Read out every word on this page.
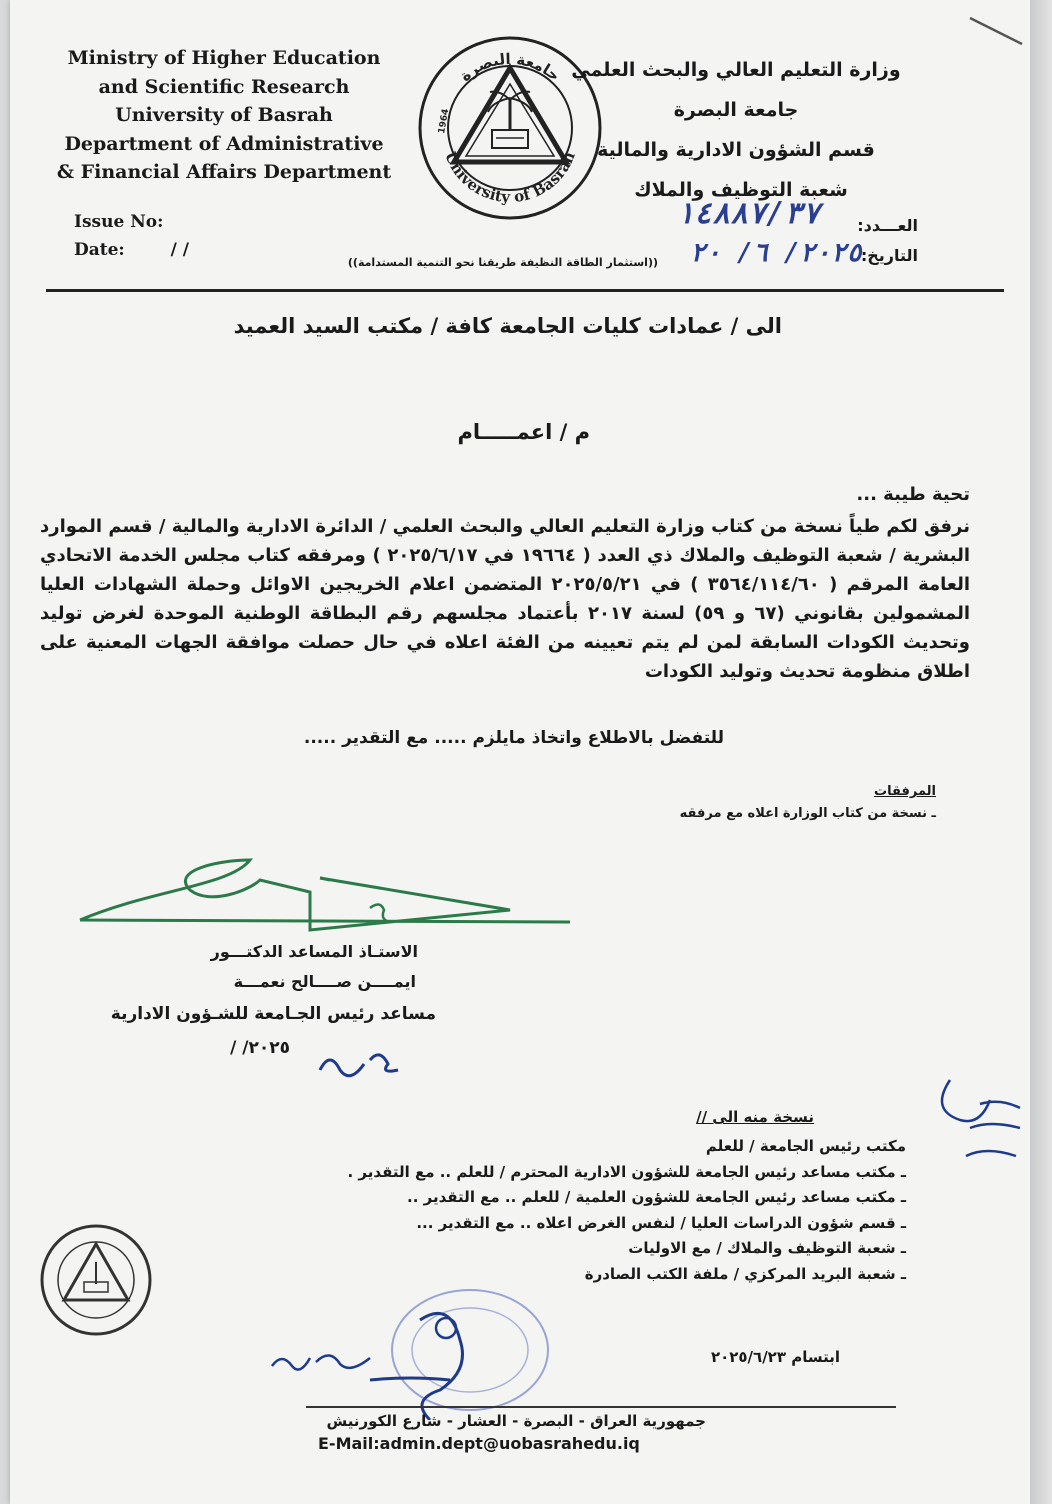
Ministry of Higher Education
and Scientific Research
University of Basrah
Department of Administrative
& Financial Affairs Department
Issue No:
Date:	/ /
جامعة البصرة
University of Basrah
1964
وزارة التعليم العالي والبحث العلمي
جامعة البصرة
قسم الشؤون الادارية والمالية
شعبة التوظيف والملاك
العـــدد:
التاريخ:
١٤٨٨٧/٣٧
٢٠٢٥/ ٦/ ٢٠
((استثمار الطاقة النظيفة طريقنا نحو التنمية المستدامة))
الى / عمادات كليات الجامعة كافة / مكتب السيد العميد
م / اعمـــــام
تحية طيبة ...
نرفق لكم طياً نسخة من كتاب وزارة التعليم العالي والبحث العلمي / الدائرة الادارية والمالية / قسم الموارد البشرية / شعبة التوظيف والملاك ذي العدد ( ١٩٦٦٤ في ٢٠٢٥/٦/١٧ ) ومرفقه كتاب مجلس الخدمة الاتحادي العامة المرقم ( ٣٥٦٤/١١٤/٦٠ ) في ٢٠٢٥/٥/٢١ المتضمن اعلام الخريجين الاوائل وحملة الشهادات العليا المشمولين بقانوني (٦٧ و ٥٩) لسنة ٢٠١٧ بأعتماد مجلسهم رقم البطاقة الوطنية الموحدة لغرض توليد وتحديث الكودات السابقة لمن لم يتم تعيينه من الفئة اعلاه في حال حصلت موافقة الجهات المعنية على اطلاق منظومة تحديث وتوليد الكودات
للتفضل بالاطلاع واتخاذ مايلزم ..... مع التقدير .....
المرفقات
ـ نسخة من كتاب الوزارة اعلاه مع مرفقه
الاستـاذ المساعد الدكتـــور
ايمــــن صــــالح نعمـــة
مساعد رئيس الجـامعة للشـؤون الادارية
٢٠٢٥/ /
نسخة منه الى //
مكتب رئيس الجامعة / للعلم
ـ مكتب مساعد رئيس الجامعة للشؤون الادارية المحترم / للعلم .. مع التقدير .
ـ مكتب مساعد رئيس الجامعة للشؤون العلمية / للعلم .. مع التقدير ..
ـ قسم شؤون الدراسات العليا / لنفس الغرض اعلاه .. مع التقدير ...
ـ شعبة التوظيف والملاك / مع الاوليات
ـ شعبة البريد المركزي / ملفة الكتب الصادرة
ابتسام ٢٠٢٥/٦/٢٣
جمهورية العراق - البصرة - العشار - شارع الكورنيش
E-Mail:admin.dept@uobasrahedu.iq
